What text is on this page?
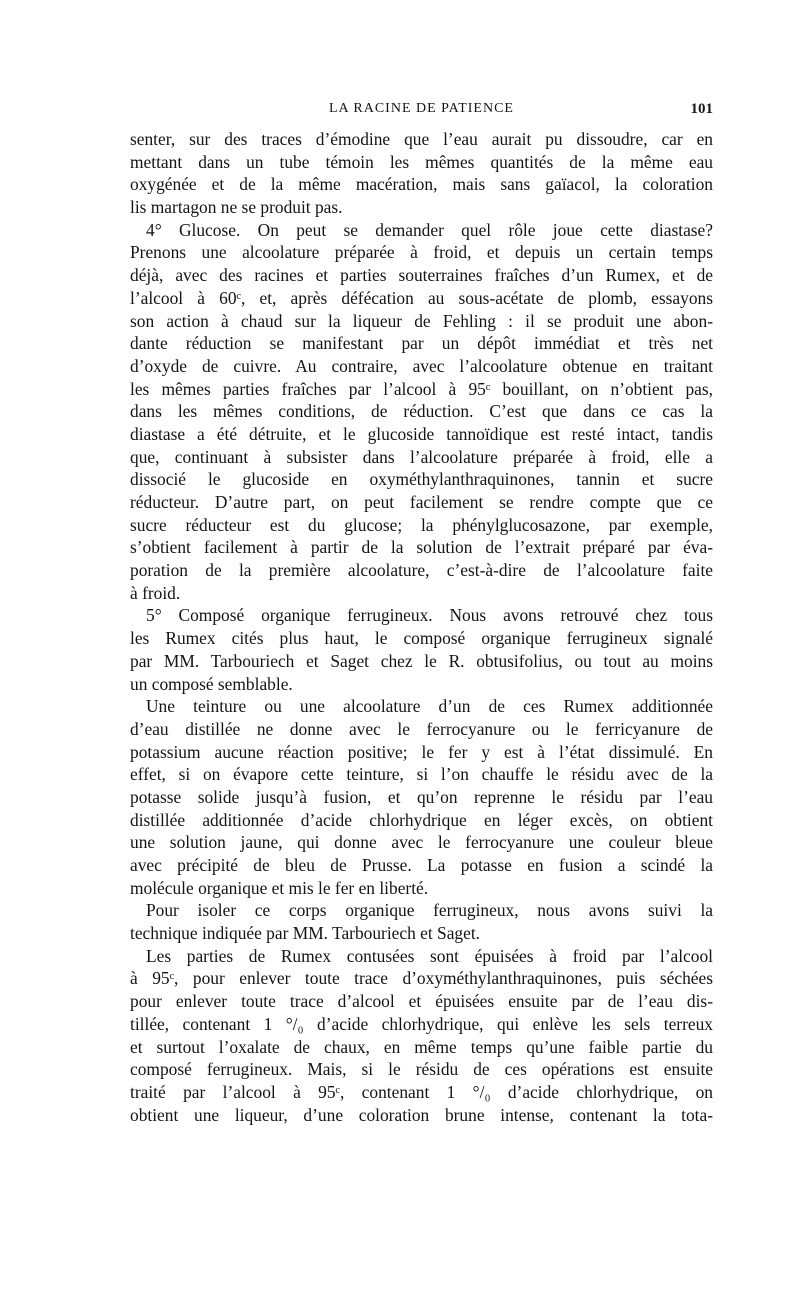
LA RACINE DE PATIENCE	101
senter, sur des traces d’émodine que l’eau aurait pu dissoudre, car en
mettant dans un tube témoin les mêmes quantités de la même eau
oxygénée et de la même macération, mais sans gaïacol, la coloration
lis martagon ne se produit pas.
4° Glucose. On peut se demander quel rôle joue cette diastase?
Prenons une alcoolature préparée à froid, et depuis un certain temps
déjà, avec des racines et parties souterraines fraîches d’un Rumex, et de
l’alcool à 60ᶜ, et, après défécation au sous-acétate de plomb, essayons
son action à chaud sur la liqueur de Fehling : il se produit une abon-
dante réduction se manifestant par un dépôt immédiat et très net
d’oxyde de cuivre. Au contraire, avec l’alcoolature obtenue en traitant
les mêmes parties fraîches par l’alcool à 95ᶜ bouillant, on n’obtient pas,
dans les mêmes conditions, de réduction. C’est que dans ce cas la
diastase a été détruite, et le glucoside tannoïdique est resté intact, tandis
que, continuant à subsister dans l’alcoolature préparée à froid, elle a
dissocié le glucoside en oxyméthylanthraquinones, tannin et sucre
réducteur. D’autre part, on peut facilement se rendre compte que ce
sucre réducteur est du glucose; la phénylglucosazone, par exemple,
s’obtient facilement à partir de la solution de l’extrait préparé par éva-
poration de la première alcoolature, c’est-à-dire de l’alcoolature faite
à froid.
5° Composé organique ferrugineux. Nous avons retrouvé chez tous
les Rumex cités plus haut, le composé organique ferrugineux signalé
par MM. Tarbouriech et Saget chez le R. obtusifolius, ou tout au moins
un composé semblable.
Une teinture ou une alcoolature d’un de ces Rumex additionnée
d’eau distillée ne donne avec le ferrocyanure ou le ferricyanure de
potassium aucune réaction positive; le fer y est à l’état dissimulé. En
effet, si on évapore cette teinture, si l’on chauffe le résidu avec de la
potasse solide jusqu’à fusion, et qu’on reprenne le résidu par l’eau
distillée additionnée d’acide chlorhydrique en léger excès, on obtient
une solution jaune, qui donne avec le ferrocyanure une couleur bleue
avec précipité de bleu de Prusse. La potasse en fusion a scindé la
molécule organique et mis le fer en liberté.
Pour isoler ce corps organique ferrugineux, nous avons suivi la
technique indiquée par MM. Tarbouriech et Saget.
Les parties de Rumex contusées sont épuisées à froid par l’alcool
à 95ᶜ, pour enlever toute trace d’oxyméthylanthraquinones, puis séchées
pour enlever toute trace d’alcool et épuisées ensuite par de l’eau dis-
tillée, contenant 1 °/₀ d’acide chlorhydrique, qui enlève les sels terreux
et surtout l’oxalate de chaux, en même temps qu’une faible partie du
composé ferrugineux. Mais, si le résidu de ces opérations est ensuite
traité par l’alcool à 95ᶜ, contenant 1 °/₀ d’acide chlorhydrique, on
obtient une liqueur, d’une coloration brune intense, contenant la tota-
